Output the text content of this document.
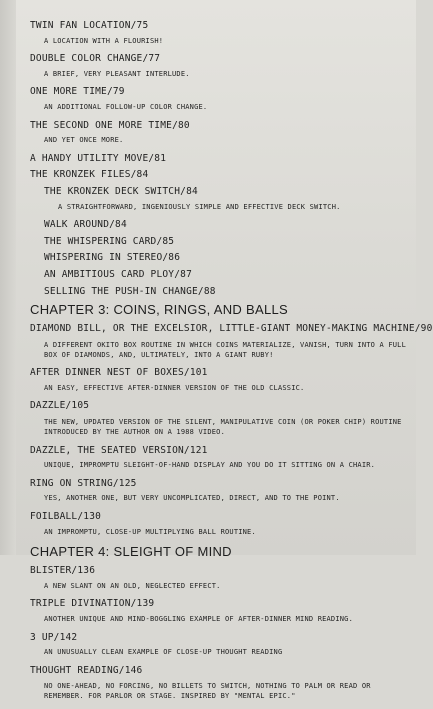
TWIN FAN LOCATION/75
A LOCATION WITH A FLOURISH!
DOUBLE COLOR CHANGE/77
A BRIEF, VERY PLEASANT INTERLUDE.
ONE MORE TIME/79
AN ADDITIONAL FOLLOW-UP COLOR CHANGE.
THE SECOND ONE MORE TIME/80
AND YET ONCE MORE.
A HANDY UTILITY MOVE/81
THE KRONZEK FILES/84
THE KRONZEK DECK SWITCH/84
A STRAIGHTFORWARD, INGENIOUSLY SIMPLE AND EFFECTIVE DECK SWITCH.
WALK AROUND/84
THE WHISPERING CARD/85
WHISPERING IN STEREO/86
AN AMBITIOUS CARD PLOY/87
SELLING THE PUSH-IN CHANGE/88
CHAPTER 3: COINS, RINGS, AND BALLS
DIAMOND BILL, OR THE EXCELSIOR, LITTLE-GIANT MONEY-MAKING MACHINE/90
A DIFFERENT OKITO BOX ROUTINE IN WHICH COINS MATERIALIZE, VANISH, TURN INTO A FULL BOX OF DIAMONDS, AND, ULTIMATELY, INTO A GIANT RUBY!
AFTER DINNER NEST OF BOXES/101
AN EASY, EFFECTIVE AFTER-DINNER VERSION OF THE OLD CLASSIC.
DAZZLE/105
THE NEW, UPDATED VERSION OF THE SILENT, MANIPULATIVE COIN (OR POKER CHIP) ROUTINE INTRODUCED BY THE AUTHOR ON A 1988 VIDEO.
DAZZLE, THE SEATED VERSION/121
UNIQUE, IMPROMPTU SLEIGHT-OF-HAND DISPLAY AND YOU DO IT SITTING ON A CHAIR.
RING ON STRING/125
YES, ANOTHER ONE, BUT VERY UNCOMPLICATED, DIRECT, AND TO THE POINT.
FOILBALL/130
AN IMPROMPTU, CLOSE-UP MULTIPLYING BALL ROUTINE.
CHAPTER 4: SLEIGHT OF MIND
BLISTER/136
A NEW SLANT ON AN OLD, NEGLECTED EFFECT.
TRIPLE DIVINATION/139
ANOTHER UNIQUE AND MIND-BOGGLING EXAMPLE OF AFTER-DINNER MIND READING.
3 UP/142
AN UNUSUALLY CLEAN EXAMPLE OF CLOSE-UP THOUGHT READING
THOUGHT READING/146
NO ONE-AHEAD, NO FORCING, NO BILLETS TO SWITCH, NOTHING TO PALM OR READ OR REMEMBER. FOR PARLOR OR STAGE. INSPIRED BY "MENTAL EPIC."
